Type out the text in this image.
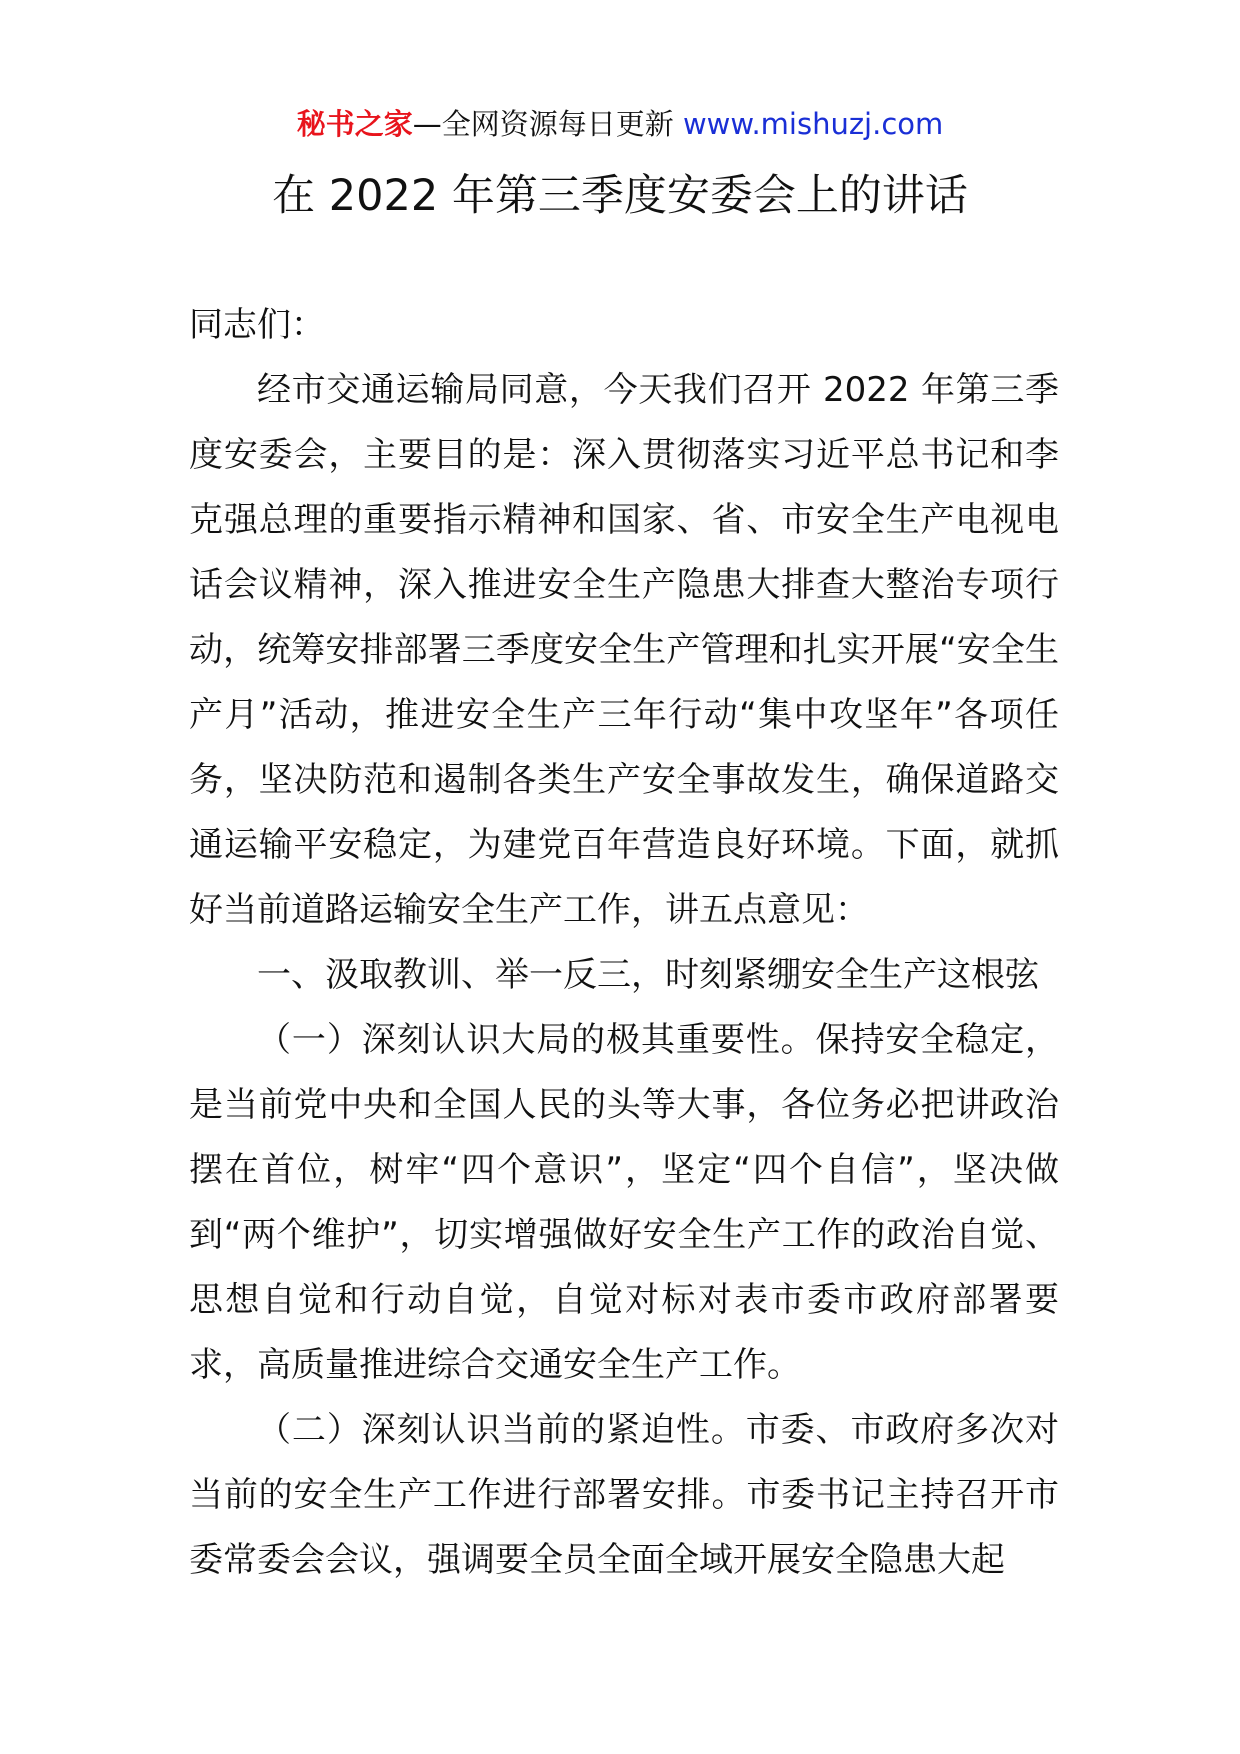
秘书之家—全网资源每日更新 www.mishuzj.com
在 2022 年第三季度安委会上的讲话

同志们：

经市交通运输局同意，今天我们召开 2022 年第三季度安委会，主要目的是：深入贯彻落实习近平总书记和李克强总理的重要指示精神和国家、省、市安全生产电视电话会议精神，深入推进安全生产隐患大排查大整治专项行动，统筹安排部署三季度安全生产管理和扎实开展“安全生产月”活动，推进安全生产三年行动“集中攻坚年”各项任务，坚决防范和遏制各类生产安全事故发生，确保道路交通运输平安稳定，为建党百年营造良好环境。下面，就抓好当前道路运输安全生产工作，讲五点意见：

一、汲取教训、举一反三，时刻紧绷安全生产这根弦

（一）深刻认识大局的极其重要性。保持安全稳定，是当前党中央和全国人民的头等大事，各位务必把讲政治摆在首位，树牢“四个意识”，坚定“四个自信”，坚决做到“两个维护”，切实增强做好安全生产工作的政治自觉、思想自觉和行动自觉，自觉对标对表市委市政府部署要求，高质量推进综合交通安全生产工作。

（二）深刻认识当前的紧迫性。市委、市政府多次对当前的安全生产工作进行部署安排。市委书记主持召开市委常委会会议，强调要全员全面全域开展安全隐患大起
